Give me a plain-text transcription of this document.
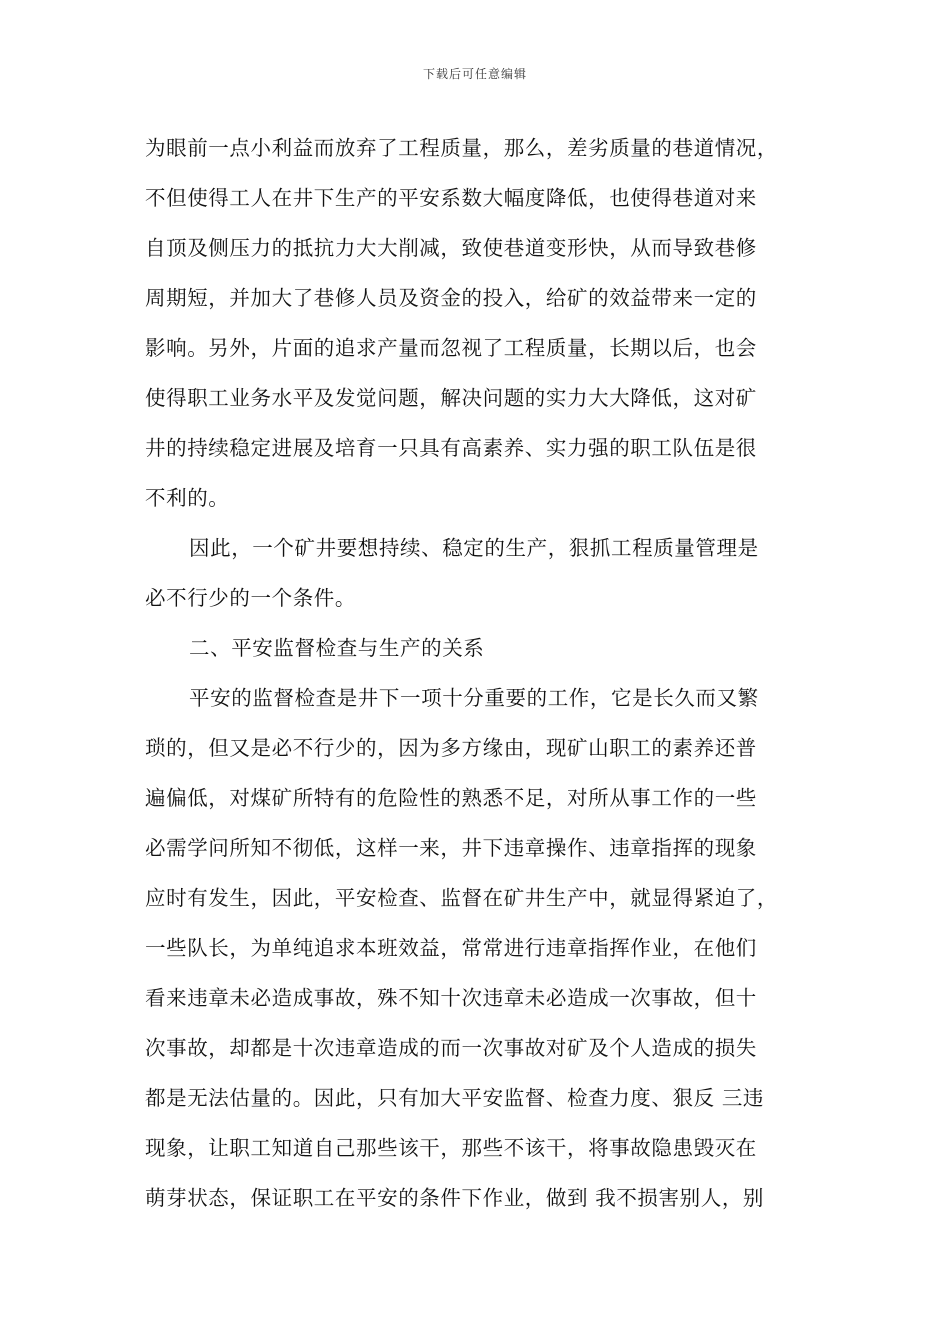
下载后可任意编辑
为眼前一点小利益而放弃了工程质量，那么，差劣质量的巷道情况，
不但使得工人在井下生产的平安系数大幅度降低，也使得巷道对来
自顶及侧压力的抵抗力大大削减，致使巷道变形快，从而导致巷修
周期短，并加大了巷修人员及资金的投入，给矿的效益带来一定的
影响。另外，片面的追求产量而忽视了工程质量，长期以后，也会
使得职工业务水平及发觉问题，解决问题的实力大大降低，这对矿
井的持续稳定进展及培育一只具有高素养、实力强的职工队伍是很
不利的。
因此，一个矿井要想持续、稳定的生产，狠抓工程质量管理是
必不行少的一个条件。
二、平安监督检查与生产的关系
平安的监督检查是井下一项十分重要的工作，它是长久而又繁
琐的，但又是必不行少的，因为多方缘由，现矿山职工的素养还普
遍偏低，对煤矿所特有的危险性的熟悉不足，对所从事工作的一些
必需学问所知不彻低，这样一来，井下违章操作、违章指挥的现象
应时有发生，因此，平安检查、监督在矿井生产中，就显得紧迫了，
一些队长，为单纯追求本班效益，常常进行违章指挥作业，在他们
看来违章未必造成事故，殊不知十次违章未必造成一次事故，但十
次事故，却都是十次违章造成的而一次事故对矿及个人造成的损失
都是无法估量的。因此，只有加大平安监督、检查力度、狠反 三违
现象，让职工知道自己那些该干，那些不该干，将事故隐患毁灭在
萌芽状态，保证职工在平安的条件下作业，做到 我不损害别人，别
